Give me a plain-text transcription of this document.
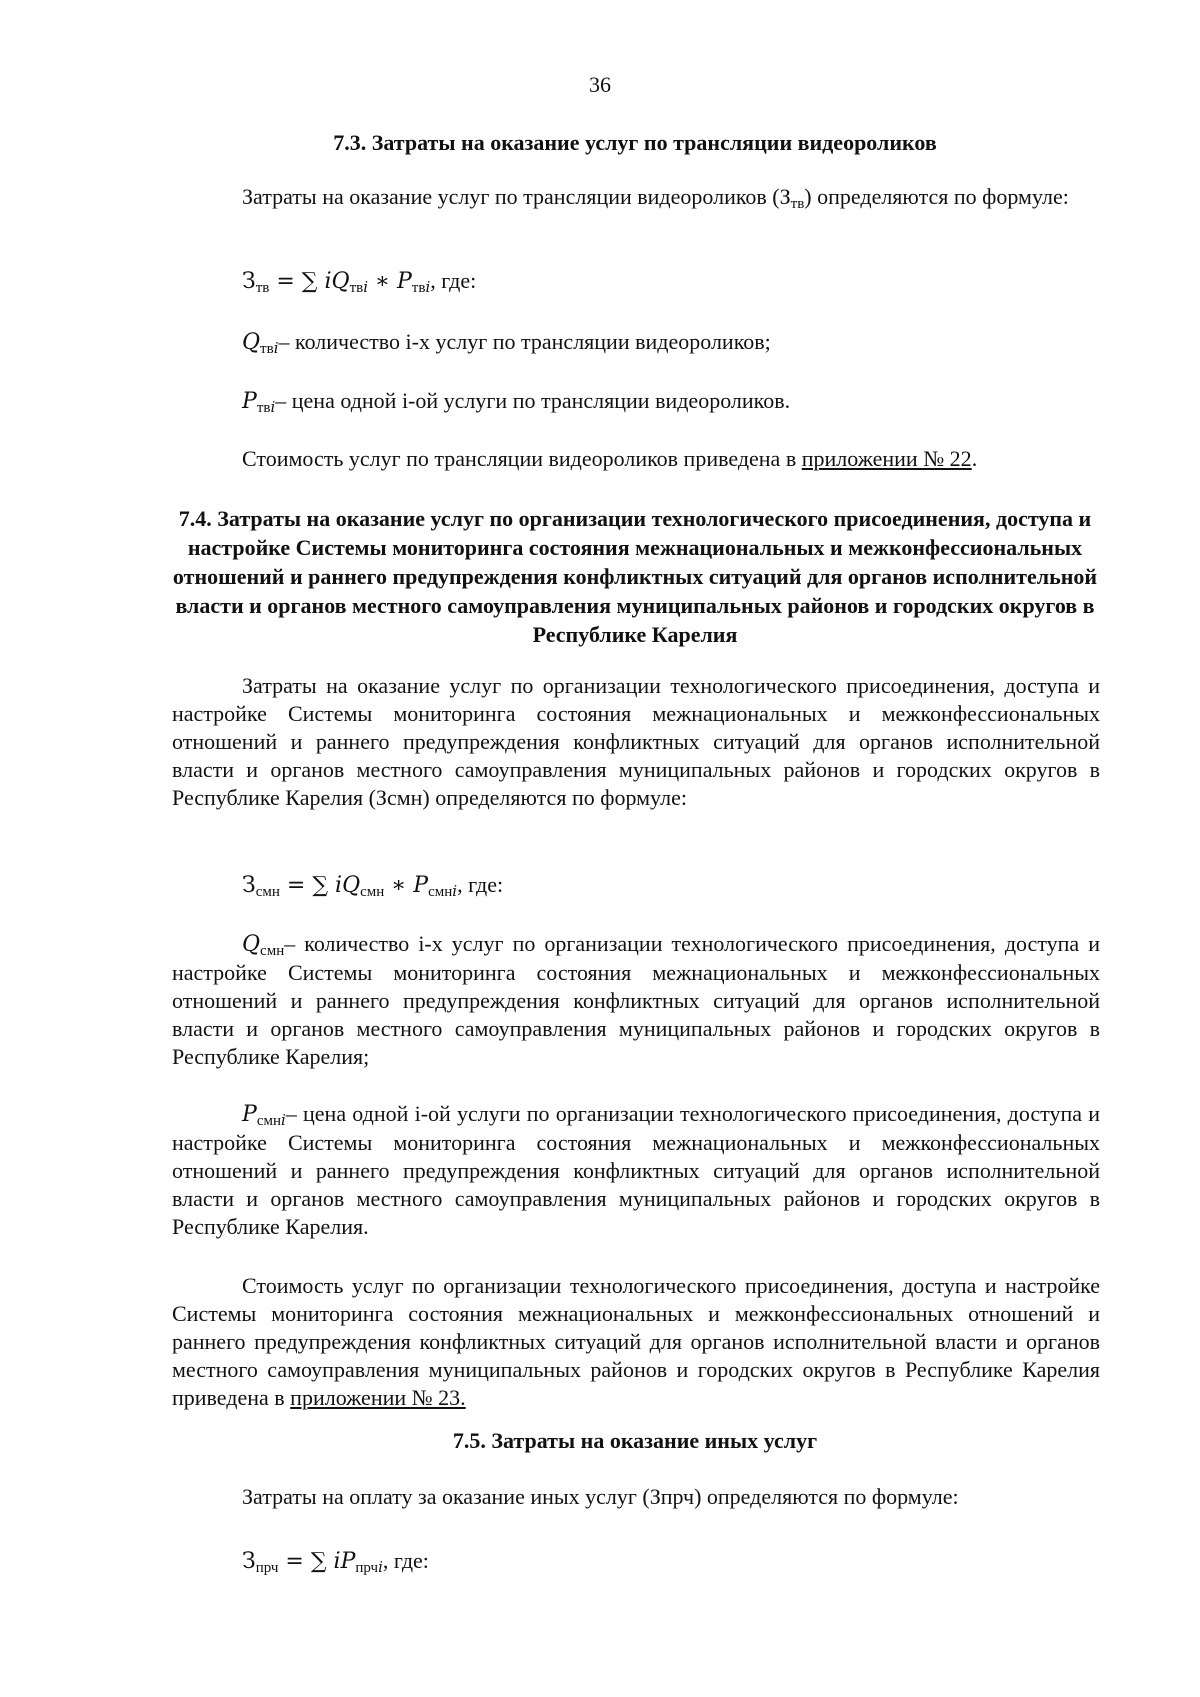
36
7.3. Затраты на оказание услуг по трансляции видеороликов

Затраты на оказание услуг по трансляции видеороликов $(З_{тв})$ определяются по формуле:

$З_{тв}$ = ∑ $iQ_{твi}$ ∗ $P_{твi}$, где:

$Q_{твi}-$ количество i-х услуг по трансляции видеороликов;

$P_{твi}-$ цена одной i-ой услуги по трансляции видеороликов.

Стоимость услуг по трансляции видеороликов приведена в приложении № 22.

7.4. Затраты на оказание услуг по организации технологического присоединения, доступа и настройке Системы мониторинга состояния межнациональных и межконфессиональных отношений и раннего предупреждения конфликтных ситуаций для органов исполнительной власти и органов местного самоуправления муниципальных районов и городских округов в Республике Карелия

Затраты на оказание услуг по организации технологического присоединения, доступа и настройке Системы мониторинга состояния межнациональных и межконфессиональных отношений и раннего предупреждения конфликтных ситуаций для органов исполнительной власти и органов местного самоуправления муниципальных районов и городских округов в Республике Карелия (Зсмн) определяются по формуле:

$З_{смн}$ = ∑ $iQ_{смн}$ ∗ $P_{смнi}$, где:

$Q_{смн}-$ количество i-х услуг по организации технологического присоединения, доступа и настройке Системы мониторинга состояния межнациональных и межконфессиональных отношений и раннего предупреждения конфликтных ситуаций для органов исполнительной власти и органов местного самоуправления муниципальных районов и городских округов в Республике Карелия;

$P_{смнi}-$ цена одной i-ой услуги по организации технологического присоединения, доступа и настройке Системы мониторинга состояния межнациональных и межконфессиональных отношений и раннего предупреждения конфликтных ситуаций для органов исполнительной власти и органов местного самоуправления муниципальных районов и городских округов в Республике Карелия.

Стоимость услуг по организации технологического присоединения, доступа и настройке Системы мониторинга состояния межнациональных и межконфессиональных отношений и раннего предупреждения конфликтных ситуаций для органов исполнительной власти и органов местного самоуправления муниципальных районов и городских округов в Республике Карелия приведена в приложении № 23.

7.5. Затраты на оказание иных услуг

Затраты на оплату за оказание иных услуг (Зпрч) определяются по формуле:

$З_{прч}$ = ∑ $iP_{прчi}$, где:
